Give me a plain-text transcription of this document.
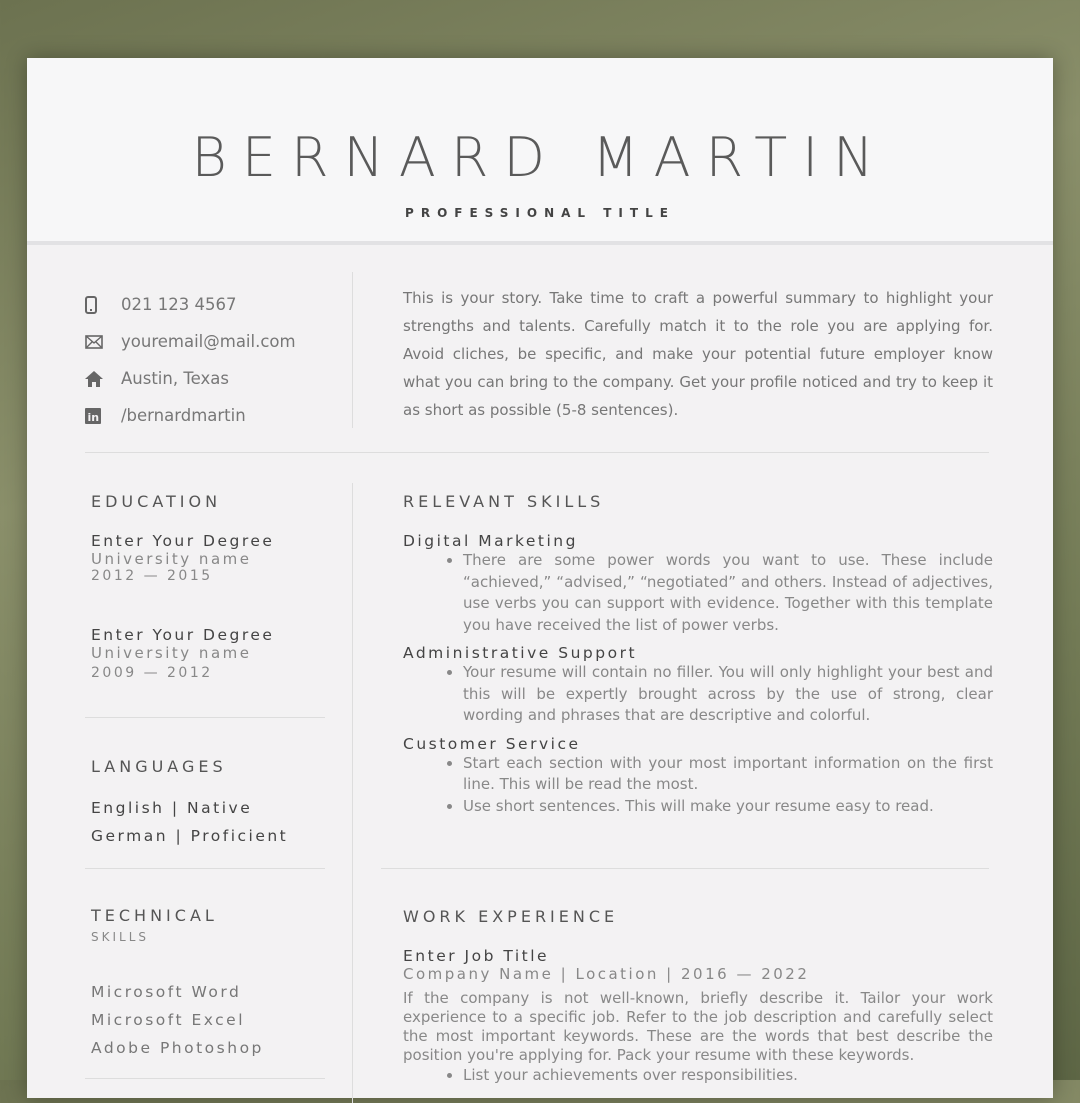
BERNARD MARTIN
PROFESSIONAL TITLE
021 123 4567
youremail@mail.com
Austin, Texas
in /bernardmartin
This is your story. Take time to craft a powerful summary to highlight your strengths and talents. Carefully match it to the role you are applying for. Avoid cliches, be specific, and make your potential future employer know what you can bring to the company. Get your profile noticed and try to keep it as short as possible (5-8 sentences).
EDUCATION
Enter Your Degree
University name
2012 — 2015
Enter Your Degree
University name
2009 — 2012
LANGUAGES
English | Native
German | Proficient
TECHNICAL
SKILLS
Microsoft Word
Microsoft Excel
Adobe Photoshop
RELEVANT SKILLS
Digital Marketing
• There are some power words you want to use. These include “achieved,” “advised,” “negotiated” and others. Instead of adjectives, use verbs you can support with evidence. Together with this template you have received the list of power verbs.
Administrative Support
• Your resume will contain no filler. You will only highlight your best and this will be expertly brought across by the use of strong, clear wording and phrases that are descriptive and colorful.
Customer Service
• Start each section with your most important information on the first line. This will be read the most.
• Use short sentences. This will make your resume easy to read.
WORK EXPERIENCE
Enter Job Title
Company Name | Location | 2016 — 2022

If the company is not well-known, briefly describe it. Tailor your work experience to a specific job. Refer to the job description and carefully select the most important keywords. These are the words that best describe the position you're applying for. Pack your resume with these keywords.

• List your achievements over responsibilities.
